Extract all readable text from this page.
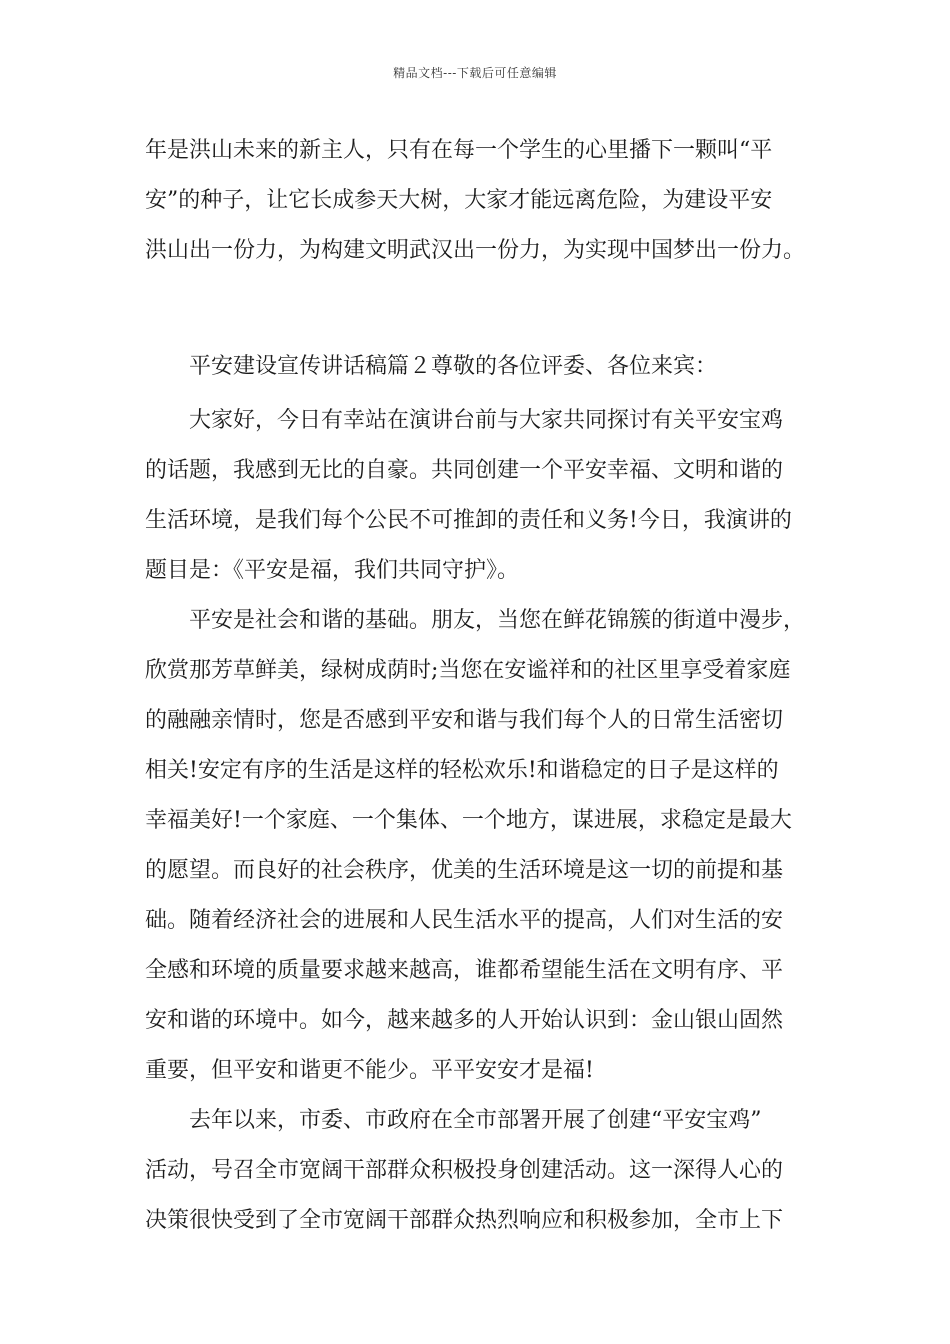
精品文档---下载后可任意编辑
年是洪山未来的新主人，只有在每一个学生的心里播下一颗叫“平
安”的种子，让它长成参天大树，大家才能远离危险，为建设平安
洪山出一份力，为构建文明武汉出一份力，为实现中国梦出一份力。
平安建设宣传讲话稿篇２尊敬的各位评委、各位来宾：
大家好，今日有幸站在演讲台前与大家共同探讨有关平安宝鸡
的话题，我感到无比的自豪。共同创建一个平安幸福、文明和谐的
生活环境，是我们每个公民不可推卸的责任和义务!今日，我演讲的
题目是：《平安是福，我们共同守护》。
平安是社会和谐的基础。朋友，当您在鲜花锦簇的街道中漫步，
欣赏那芳草鲜美，绿树成荫时;当您在安谧祥和的社区里享受着家庭
的融融亲情时，您是否感到平安和谐与我们每个人的日常生活密切
相关!安定有序的生活是这样的轻松欢乐!和谐稳定的日子是这样的
幸福美好!一个家庭、一个集体、一个地方，谋进展，求稳定是最大
的愿望。而良好的社会秩序，优美的生活环境是这一切的前提和基
础。随着经济社会的进展和人民生活水平的提高，人们对生活的安
全感和环境的质量要求越来越高，谁都希望能生活在文明有序、平
安和谐的环境中。如今，越来越多的人开始认识到：金山银山固然
重要，但平安和谐更不能少。平平安安才是福!
去年以来，市委、市政府在全市部署开展了创建“平安宝鸡”
活动，号召全市宽阔干部群众积极投身创建活动。这一深得人心的
决策很快受到了全市宽阔干部群众热烈响应和积极参加，全市上下
